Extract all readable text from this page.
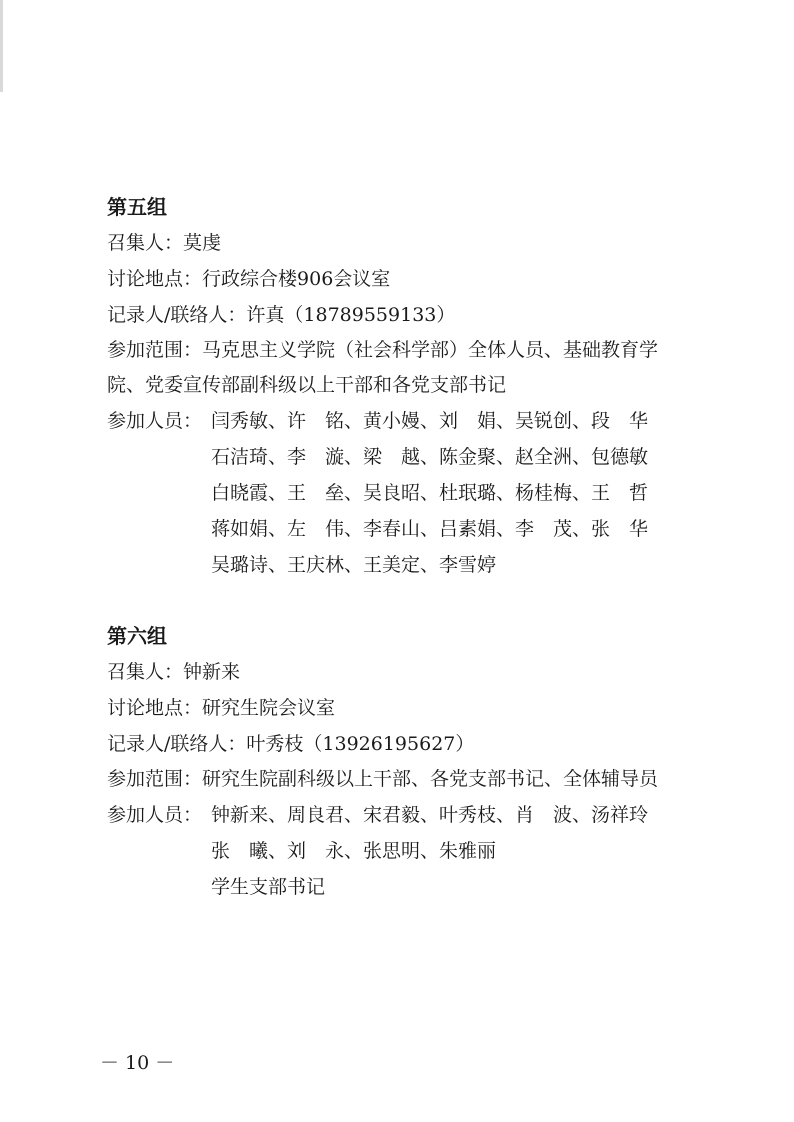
第五组
召集人：莫虔
讨论地点：行政综合楼906会议室
记录人/联络人：许真（18789559133）
参加范围：马克思主义学院（社会科学部）全体人员、基础教育学院、党委宣传部副科级以上干部和各党支部书记
参加人员： 闫秀敏、许　铭、黄小嫚、刘　娟、吴锐创、段　华
石洁琦、李　漩、梁　越、陈金聚、赵全洲、包德敏
白晓霞、王　垒、吴良昭、杜珉璐、杨桂梅、王　哲
蒋如娟、左　伟、李春山、吕素娟、李　茂、张　华
吴璐诗、王庆林、王美定、李雪婷
第六组
召集人：钟新来
讨论地点：研究生院会议室
记录人/联络人：叶秀枝（13926195627）
参加范围：研究生院副科级以上干部、各党支部书记、全体辅导员
参加人员： 钟新来、周良君、宋君毅、叶秀枝、肖　波、汤祥玲
张　曦、刘　永、张思明、朱雅丽
学生支部书记
－ 10 －
